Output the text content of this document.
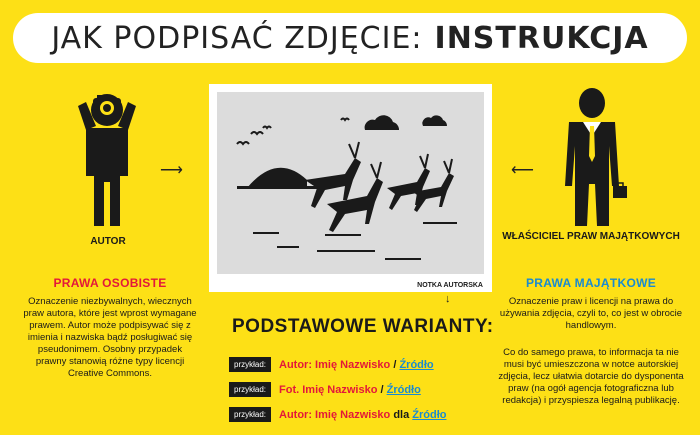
JAK PODPISAĆ ZDJĘCIE: INSTRUKCJA
⟶	⟵
↓
NOTKA AUTORSKA
AUTOR
PRAWA OSOBISTE
Oznaczenie niezbywalnych, wiecznych praw autora, które jest wprost wymagane prawem. Autor może podpisywać się z imienia i nazwiska bądź posługiwać się pseudonimem. Osobny przypadek prawny stanowią różne typy licencji Creative Commons.
WŁAŚCICIEL PRAW MAJĄTKOWYCH
PRAWA MAJĄTKOWE
Oznaczenie praw i licencji na prawa do używania zdjęcia, czyli to, co jest w obrocie handlowym.
Co do samego prawa, to informacja ta nie musi być umieszczona w notce autorskiej zdjęcia, lecz ułatwia dotarcie do dysponenta praw (na ogół agencja fotograficzna lub redakcja) i przyspiesza legalną publikację.
PODSTAWOWE WARIANTY:
przykład:	Autor: Imię Nazwisko / Źródło
przykład:	Fot. Imię Nazwisko / Źródło
przykład:	Autor: Imię Nazwisko dla Źródło
